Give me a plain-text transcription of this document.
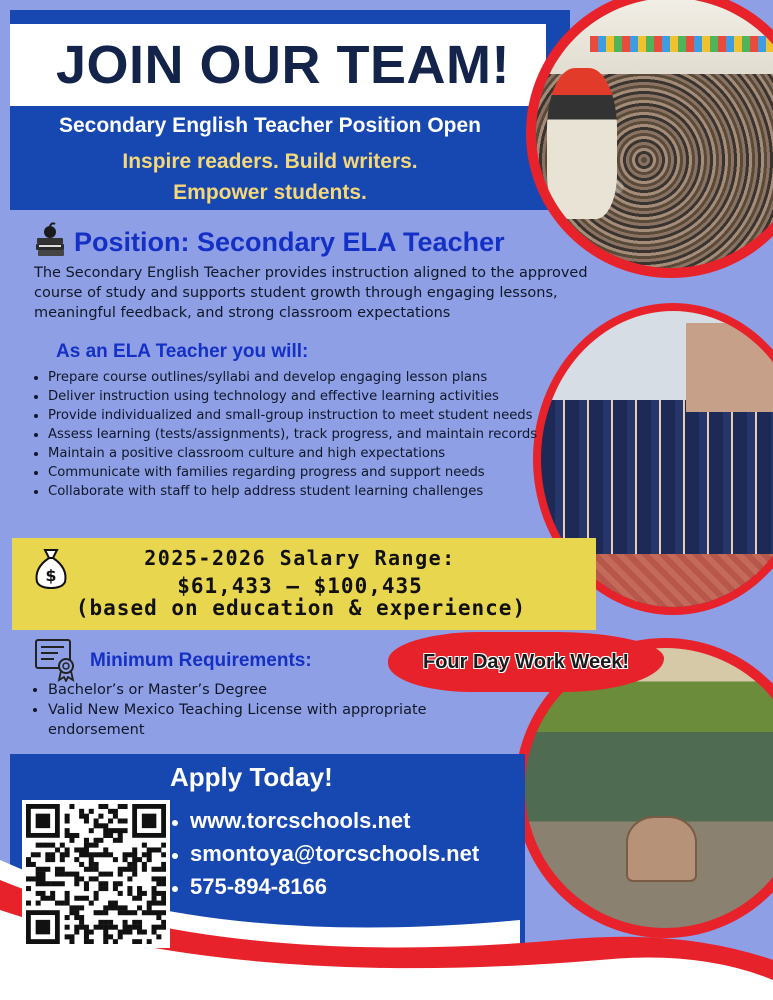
JOIN OUR TEAM!
Secondary English Teacher Position Open
Inspire readers. Build writers.
Empower students.
Position: Secondary ELA Teacher
The Secondary English Teacher provides instruction aligned to the approved course of study and supports student growth through engaging lessons, meaningful feedback, and strong classroom expectations
As an ELA Teacher you will:
• Prepare course outlines/syllabi and develop engaging lesson plans
• Deliver instruction using technology and effective learning activities
• Provide individualized and small-group instruction to meet student needs
• Assess learning (tests/assignments), track progress, and maintain records
• Maintain a positive classroom culture and high expectations
• Communicate with families regarding progress and support needs
• Collaborate with staff to help address student learning challenges
$
2025-2026 Salary Range:
$61,433 – $100,435
(based on education & experience)
Minimum Requirements:
• Bachelor’s or Master’s Degree
• Valid New Mexico Teaching License with appropriate endorsement
Four Day Work Week!
Apply Today!
• www.torcschools.net
• smontoya@torcschools.net
• 575-894-8166
